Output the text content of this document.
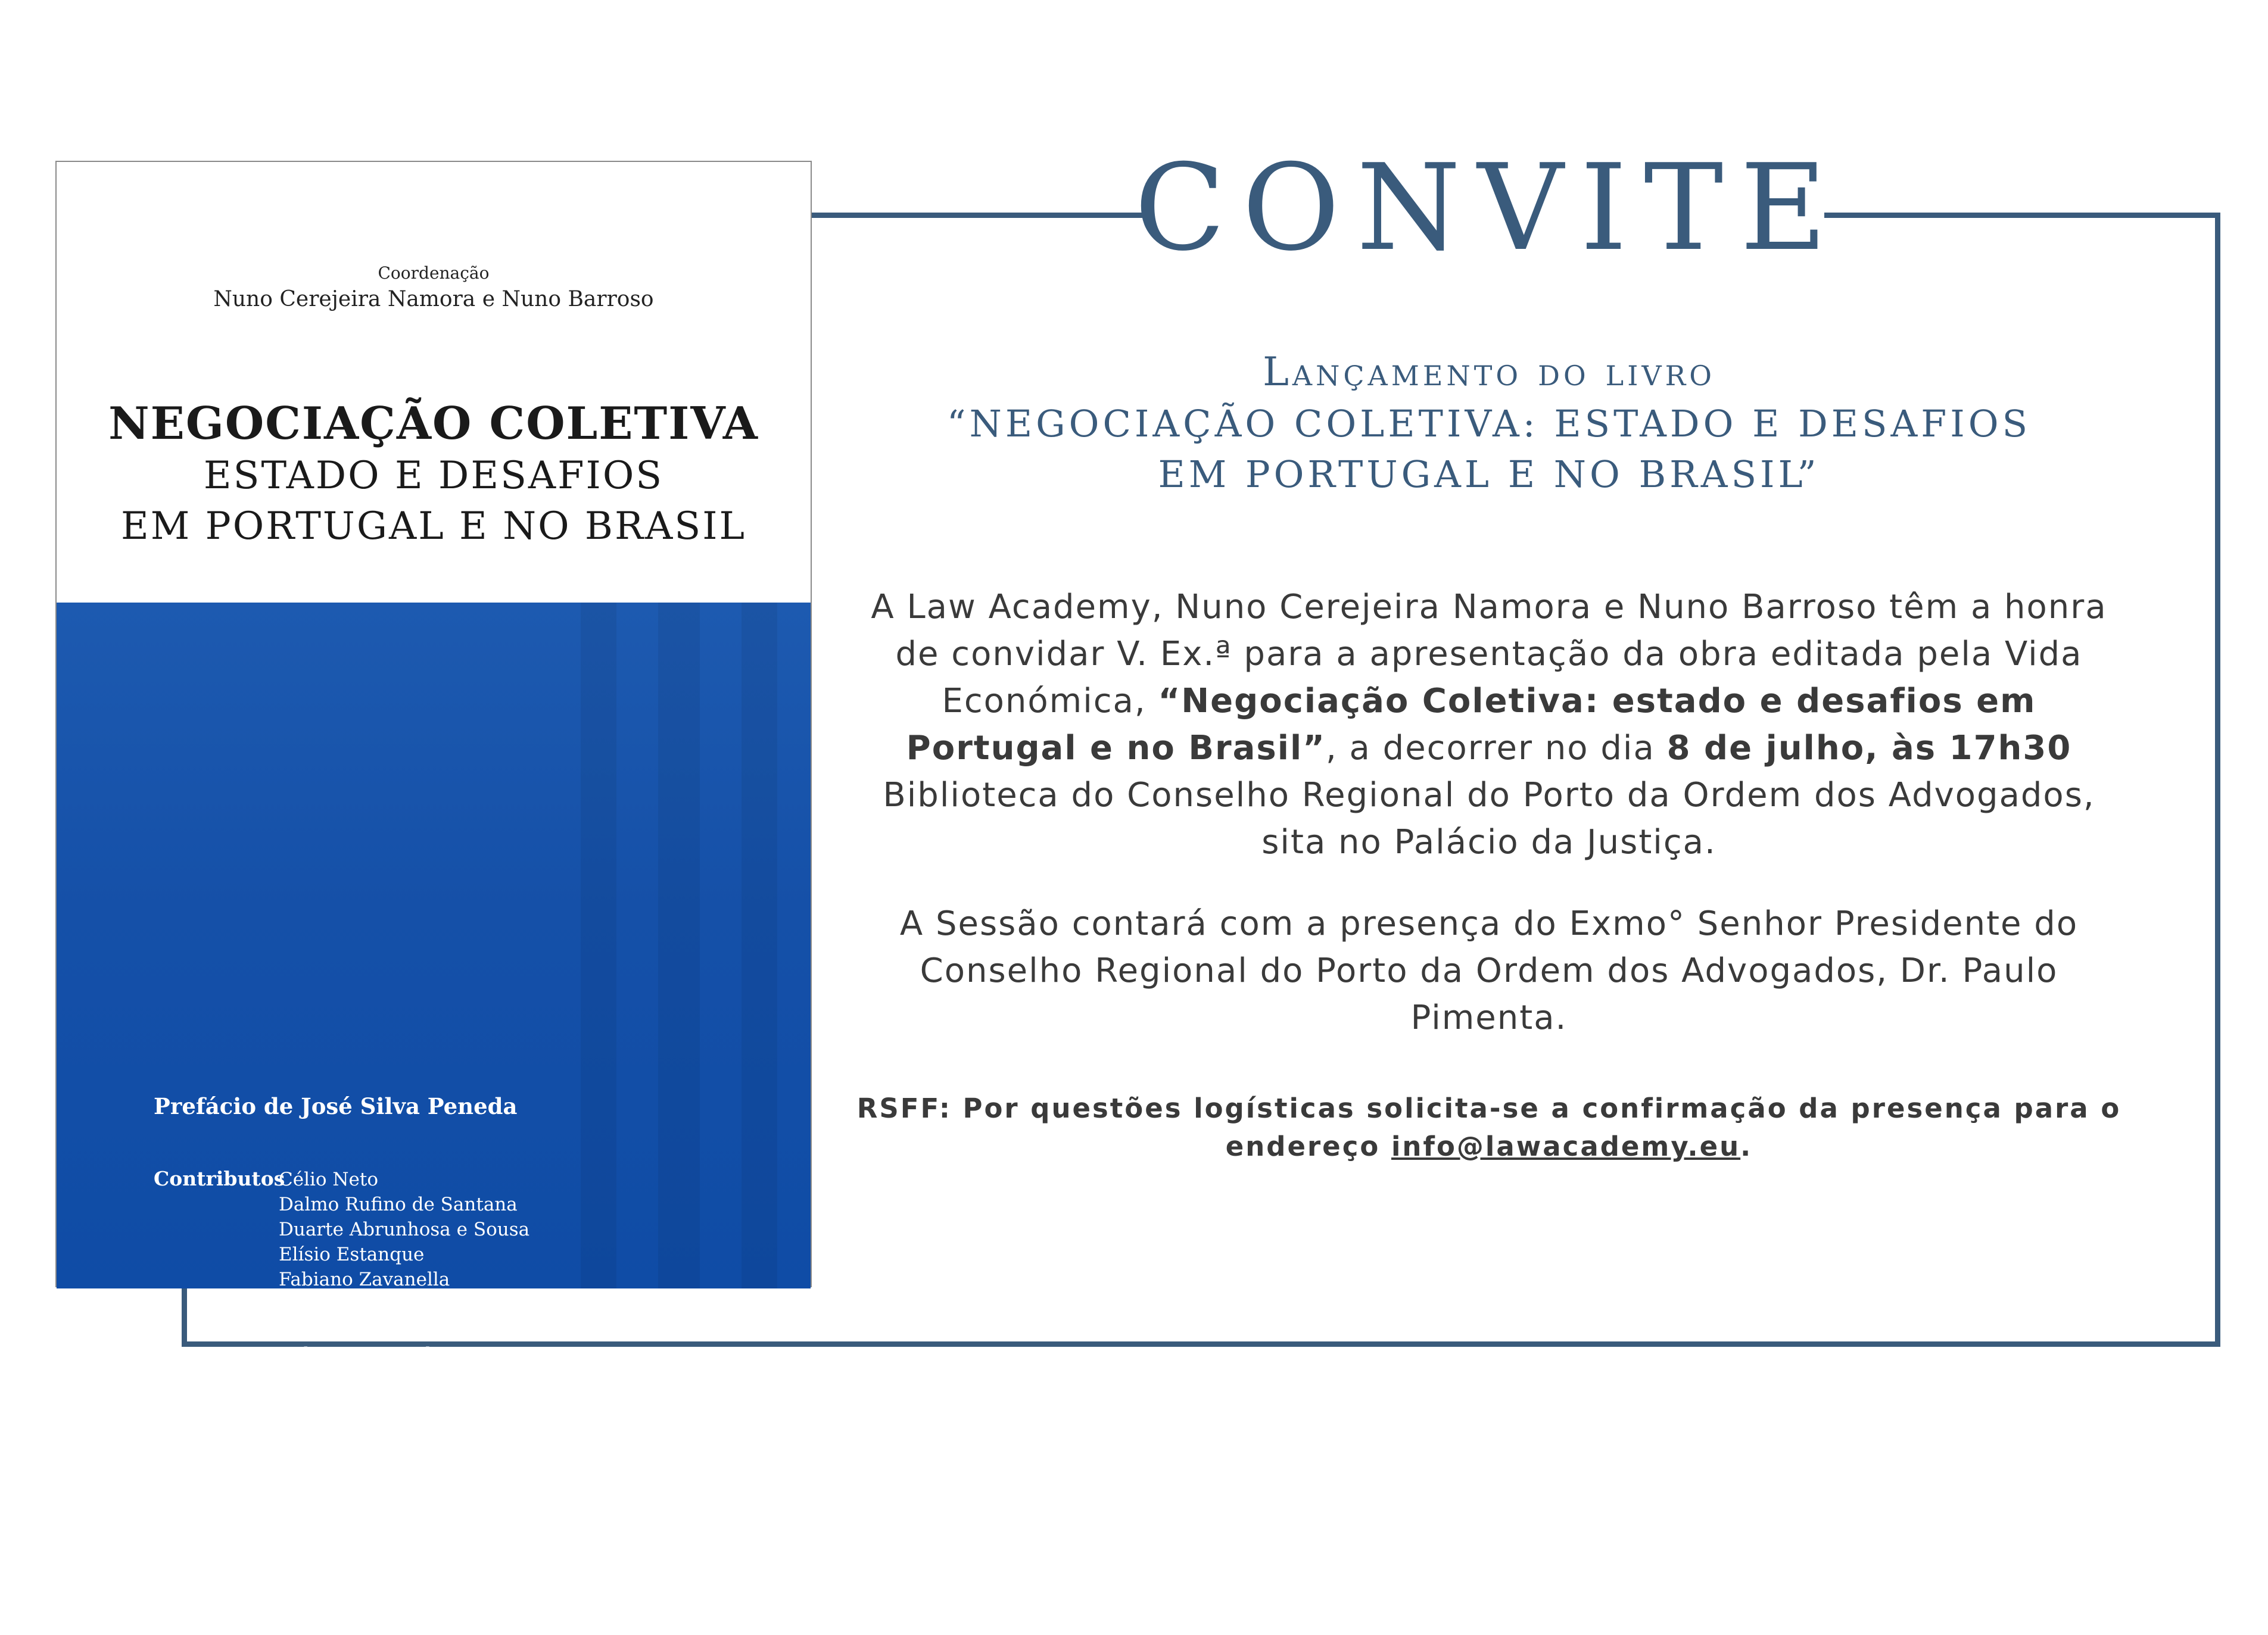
CONVITE

Lançamento do livro

“NEGOCIAÇÃO COLETIVA: ESTADO E DESAFIOS

EM PORTUGAL E NO BRASIL”

A Law Academy, Nuno Cerejeira Namora e Nuno Barroso têm a honra de convidar V. Ex.ª para a apresentação da obra editada pela Vida Económica, “Negociação Coletiva: estado e desafios em Portugal e no Brasil”, a decorrer no dia 8 de julho, às 17h30 Biblioteca do Conselho Regional do Porto da Ordem dos Advogados, sita no Palácio da Justiça.

A Sessão contará com a presença do Exmo° Senhor Presidente do Conselho Regional do Porto da Ordem dos Advogados, Dr. Paulo Pimenta.

RSFF: Por questões logísticas solicita-se a confirmação da presença para o endereço info@lawacademy.eu.

Coordenação

Nuno Cerejeira Namora e Nuno Barroso

NEGOCIAÇÃO COLETIVA

ESTADO E DESAFIOS

EM PORTUGAL E NO BRASIL

Prefácio de José Silva Peneda

Contributos

Célio Neto
Dalmo Rufino de Santana
Duarte Abrunhosa e Sousa
Elísio Estanque
Fabiano Zavanella
Marcus Abraham
Maria João Machado
Milena Rouxinol
Nuno Barroso
Nuno Cerejeira Namora
Pedro Mota Soares
Ricardo Nascimento
Sónia de Carvalho
Tiago Pimenta Fernandes

LAW/ACADEMY	VidaEconómica
